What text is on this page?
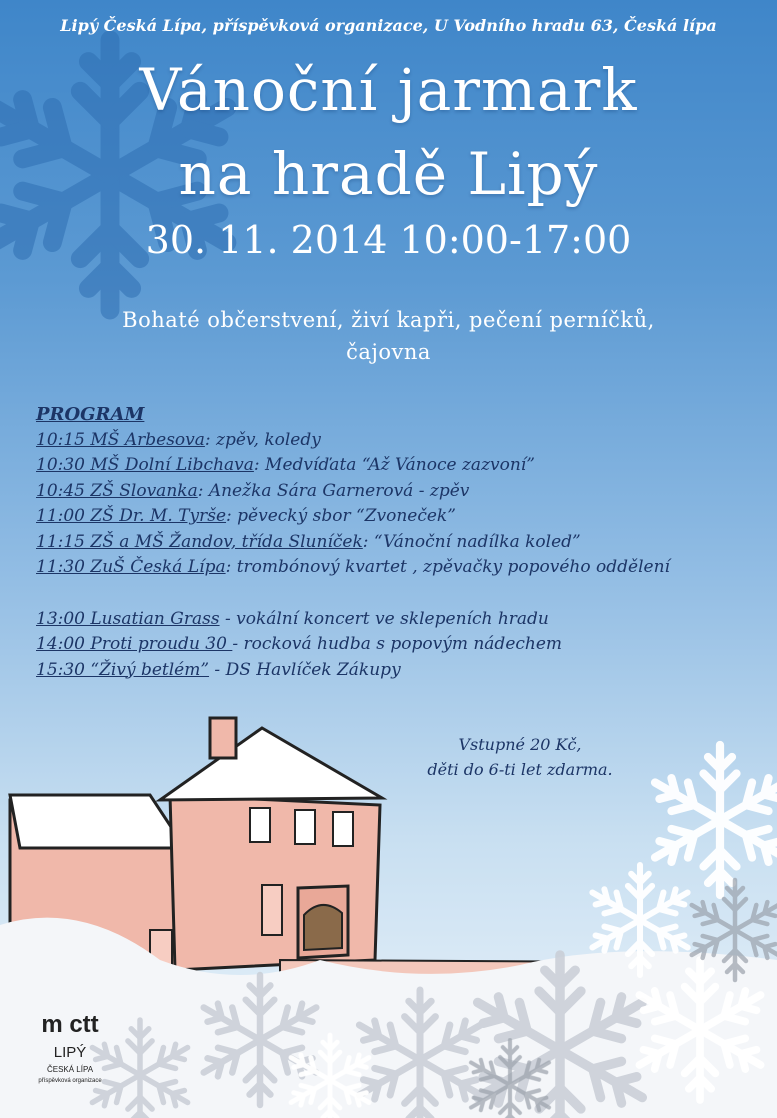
Lipý Česká Lípa, příspěvková organizace, U Vodního hradu 63, Česká lípa
Vánoční jarmark
na hradě Lipý
30. 11. 2014 10:00-17:00
Bohaté občerstvení, živí kapři, pečení perníčků,
čajovna
PROGRAM
10:15 MŠ Arbesova: zpěv, koledy
10:30 MŠ Dolní Libchava: Medvíďata “Až Vánoce zazvoní”
10:45 ZŠ Slovanka: Anežka Sára Garnerová - zpěv
11:00 ZŠ Dr. M. Tyrše: pěvecký sbor “Zvoneček”
11:15 ZŠ a MŠ Žandov, třída Sluníček: “Vánoční nadílka koled”
11:30 ZuŠ Česká Lípa: trombónový kvartet , zpěvačky popového oddělení
13:00 Lusatian Grass - vokální koncert ve sklepeních hradu
14:00 Proti proudu 30 - rocková hudba s popovým nádechem
15:30 “Živý betlém” - DS Havlíček Zákupy
Vstupné 20 Kč,
děti do 6-ti let zdarma.
m ctt
LIPÝ
ČESKÁ LÍPA
příspěvková organizace
